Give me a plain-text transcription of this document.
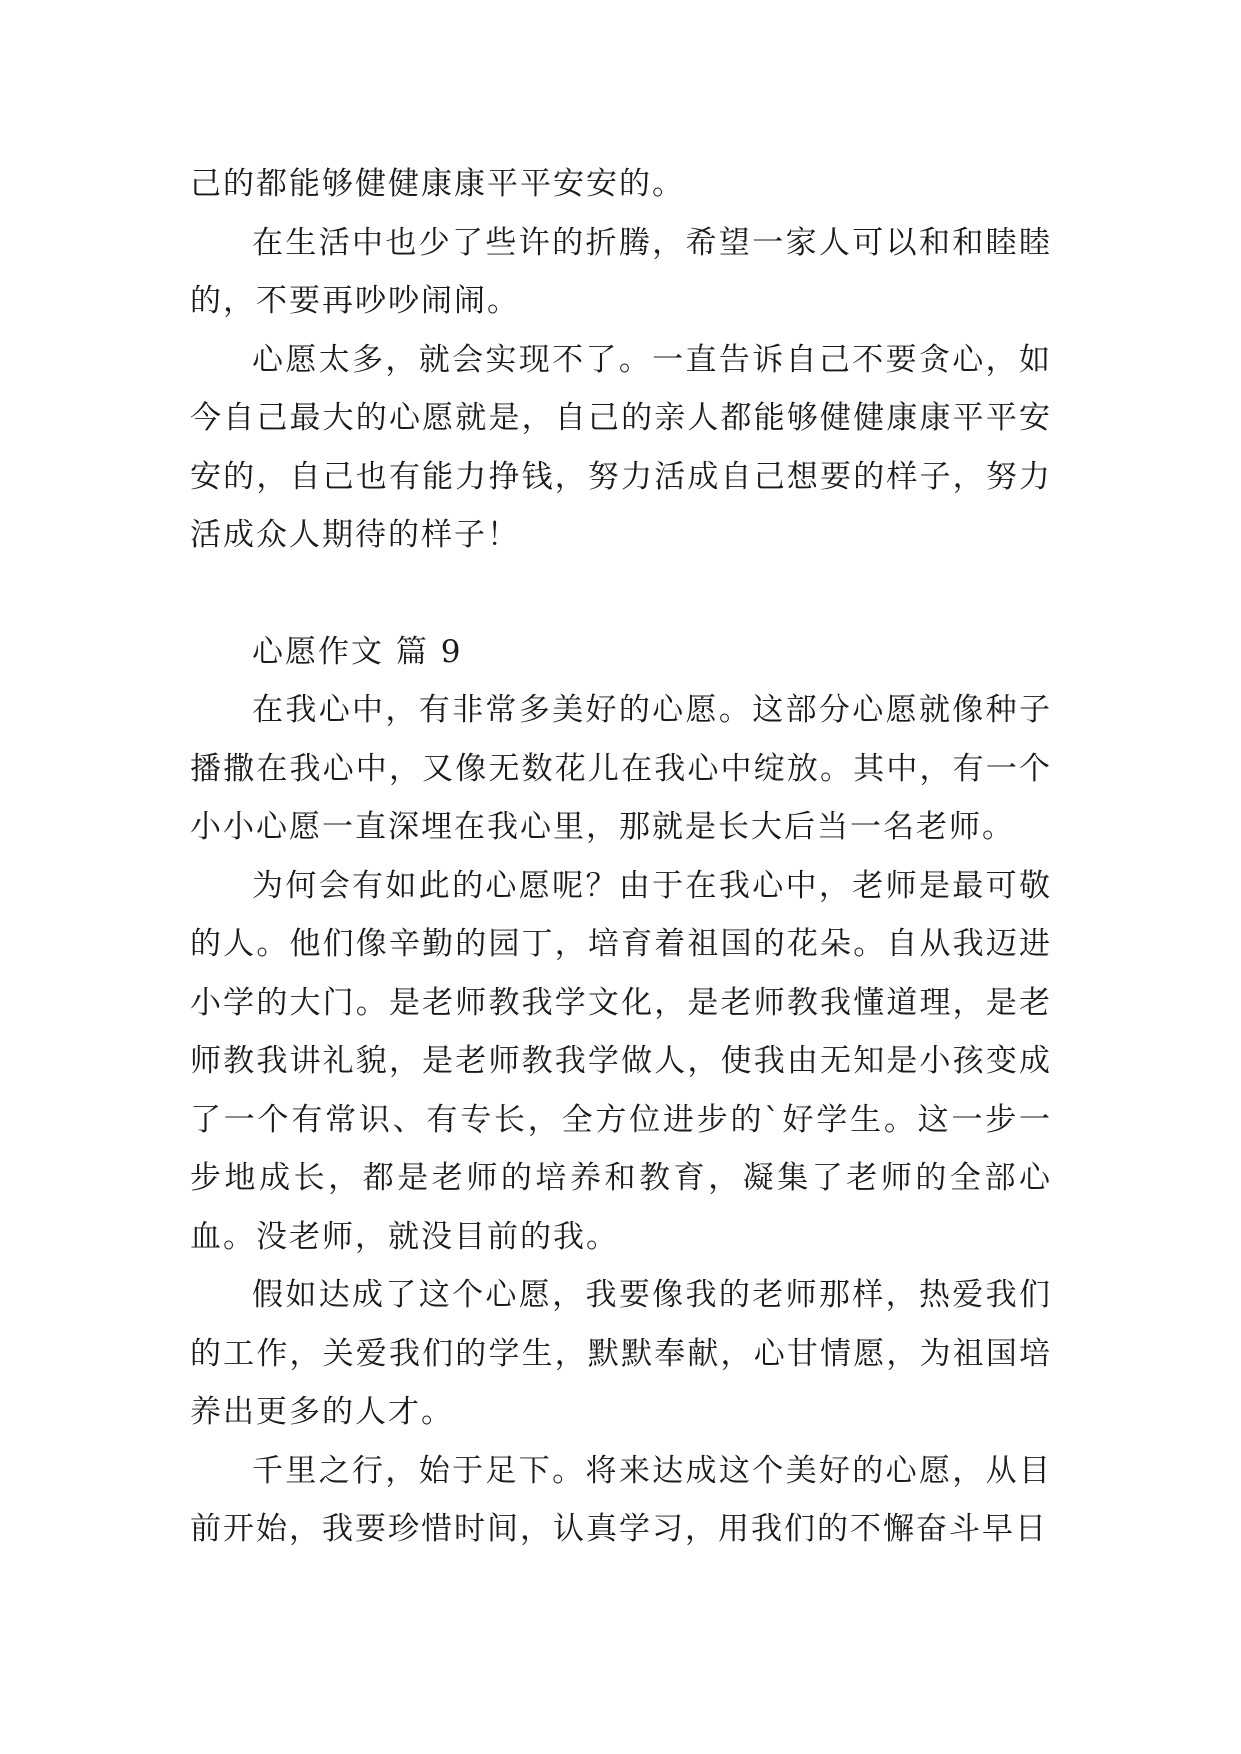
己的都能够健健康康平平安安的。

在生活中也少了些许的折腾，希望一家人可以和和睦睦的，不要再吵吵闹闹。

心愿太多，就会实现不了。一直告诉自己不要贪心，如今自己最大的心愿就是，自己的亲人都能够健健康康平平安安的，自己也有能力挣钱，努力活成自己想要的样子，努力活成众人期待的样子！

心愿作文 篇 9

在我心中，有非常多美好的心愿。这部分心愿就像种子播撒在我心中，又像无数花儿在我心中绽放。其中，有一个小小心愿一直深埋在我心里，那就是长大后当一名老师。

为何会有如此的心愿呢？由于在我心中，老师是最可敬的人。他们像辛勤的园丁，培育着祖国的花朵。自从我迈进小学的大门。是老师教我学文化，是老师教我懂道理，是老师教我讲礼貌，是老师教我学做人，使我由无知是小孩变成了一个有常识、有专长，全方位进步的`好学生。这一步一步地成长，都是老师的培养和教育，凝集了老师的全部心血。没老师，就没目前的我。

假如达成了这个心愿，我要像我的老师那样，热爱我们的工作，关爱我们的学生，默默奉献，心甘情愿，为祖国培养出更多的人才。

千里之行，始于足下。将来达成这个美好的心愿，从目前开始，我要珍惜时间，认真学习，用我们的不懈奋斗早日
